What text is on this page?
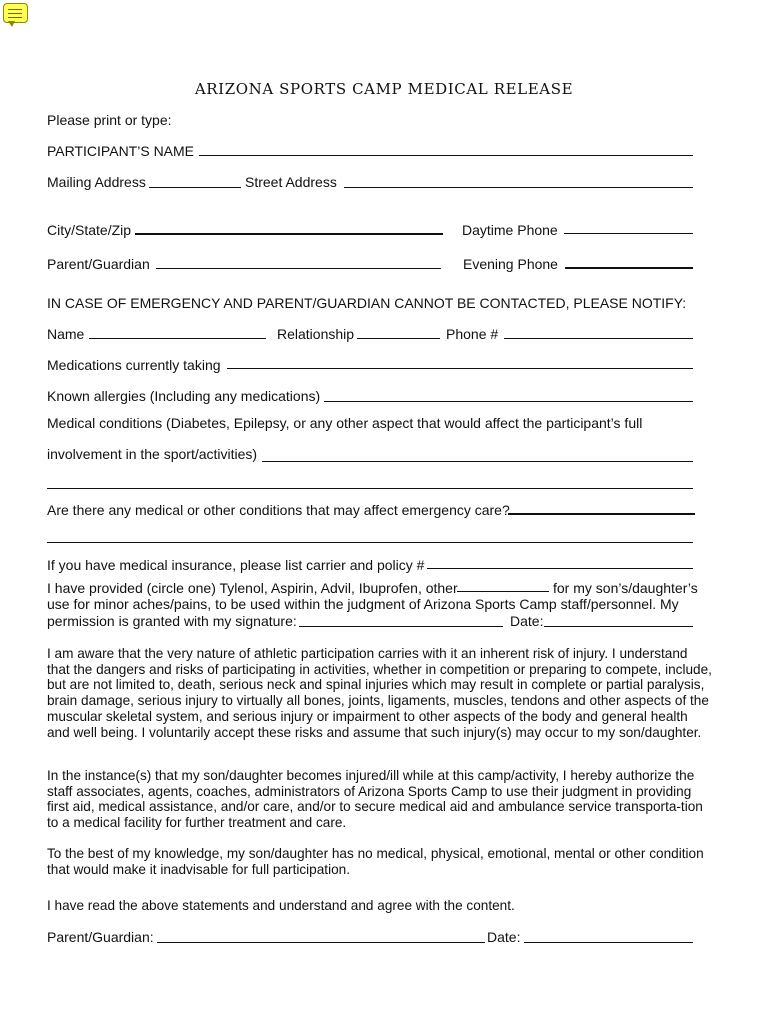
ARIZONA SPORTS CAMP MEDICAL RELEASE
Please print or type:
PARTICIPANT’S NAME
Mailing Address	Street Address
City/State/Zip	Daytime Phone
Parent/Guardian	Evening Phone
IN CASE OF EMERGENCY AND PARENT/GUARDIAN CANNOT BE CONTACTED, PLEASE NOTIFY:
Name	Relationship	Phone #
Medications currently taking
Known allergies (Including any medications)
Medical conditions (Diabetes, Epilepsy, or any other aspect that would affect the participant’s full
involvement in the sport/activities)
Are there any medical or other conditions that may affect emergency care?
If you have medical insurance, please list carrier and policy #
I have provided (circle one) Tylenol, Aspirin, Advil, Ibuprofen, other	for my son’s/daughter’s
use for minor aches/pains, to be used within the judgment of Arizona Sports Camp staff/personnel. My
permission is granted with my signature:	Date:
I am aware that the very nature of athletic participation carries with it an inherent risk of injury. I understand that the dangers and risks of participating in activities, whether in competition or preparing to compete, include, but are not limited to, death, serious neck and spinal injuries which may result in complete or partial paralysis, brain damage, serious injury to virtually all bones, joints, ligaments, muscles, tendons and other aspects of the muscular skeletal system, and serious injury or impairment to other aspects of the body and general health and well being. I voluntarily accept these risks and assume that such injury(s) may occur to my son/daughter.
In the instance(s) that my son/daughter becomes injured/ill while at this camp/activity, I hereby authorize the staff associates, agents, coaches, administrators of Arizona Sports Camp to use their judgment in providing first aid, medical assistance, and/or care, and/or to secure medical aid and ambulance service transporta-tion to a medical facility for further treatment and care.
To the best of my knowledge, my son/daughter has no medical, physical, emotional, mental or other condition that would make it inadvisable for full participation.
I have read the above statements and understand and agree with the content.
Parent/Guardian:	Date:
